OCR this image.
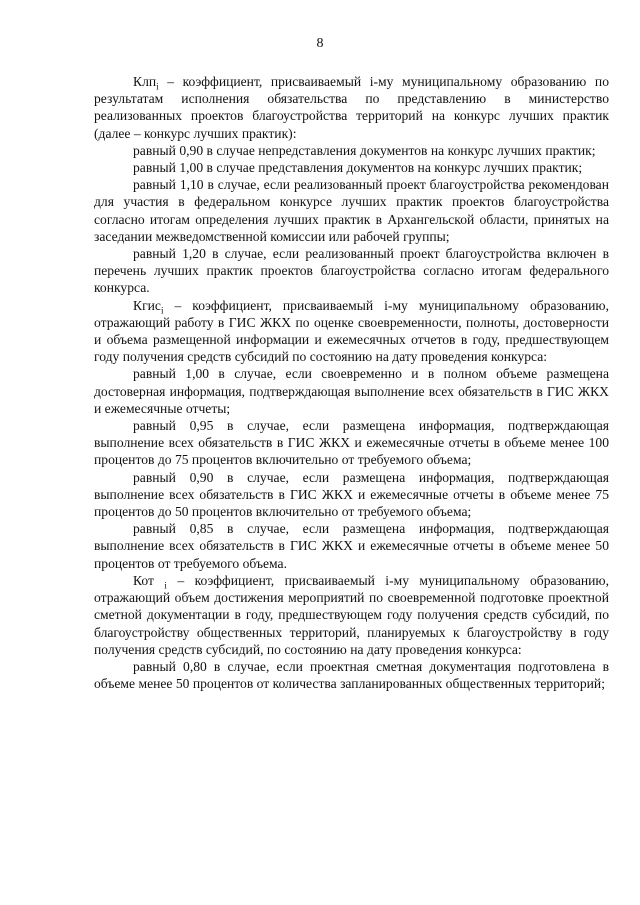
8

Клп$_i$ – коэффициент, присваиваемый i-му муниципальному образованию по результатам исполнения обязательства по представлению в министерство реализованных проектов благоустройства территорий на конкурс лучших практик (далее – конкурс лучших практик):

равный 0,90 в случае непредставления документов на конкурс лучших практик;

равный 1,00 в случае представления документов на конкурс лучших практик;

равный 1,10 в случае, если реализованный проект благоустройства рекомендован для участия в федеральном конкурсе лучших практик проектов благоустройства согласно итогам определения лучших практик в Архангельской области, принятых на заседании межведомственной комиссии или рабочей группы;

равный 1,20 в случае, если реализованный проект благоустройства включен в перечень лучших практик проектов благоустройства согласно итогам федерального конкурса.

Кгис$_i$ – коэффициент, присваиваемый i-му муниципальному образованию, отражающий работу в ГИС ЖКХ по оценке своевременности, полноты, достоверности и объема размещенной информации и ежемесячных отчетов в году, предшествующем году получения средств субсидий по состоянию на дату проведения конкурса:

равный 1,00 в случае, если своевременно и в полном объеме размещена достоверная информация, подтверждающая выполнение всех обязательств в ГИС ЖКХ и ежемесячные отчеты;

равный 0,95 в случае, если размещена информация, подтверждающая выполнение всех обязательств в ГИС ЖКХ и ежемесячные отчеты в объеме менее 100 процентов до 75 процентов включительно от требуемого объема;

равный 0,90 в случае, если размещена информация, подтверждающая выполнение всех обязательств в ГИС ЖКХ и ежемесячные отчеты в объеме менее 75 процентов до 50 процентов включительно от требуемого объема;

равный 0,85 в случае, если размещена информация, подтверждающая выполнение всех обязательств в ГИС ЖКХ и ежемесячные отчеты в объеме менее 50 процентов от требуемого объема.

Кот $_i$ – коэффициент, присваиваемый i-му муниципальному образованию, отражающий объем достижения мероприятий по своевременной подготовке проектной сметной документации в году, предшествующем году получения средств субсидий, по благоустройству общественных территорий, планируемых к благоустройству в году получения средств субсидий, по состоянию на дату проведения конкурса:

равный 0,80 в случае, если проектная сметная документация подготовлена в объеме менее 50 процентов от количества запланированных общественных территорий;
